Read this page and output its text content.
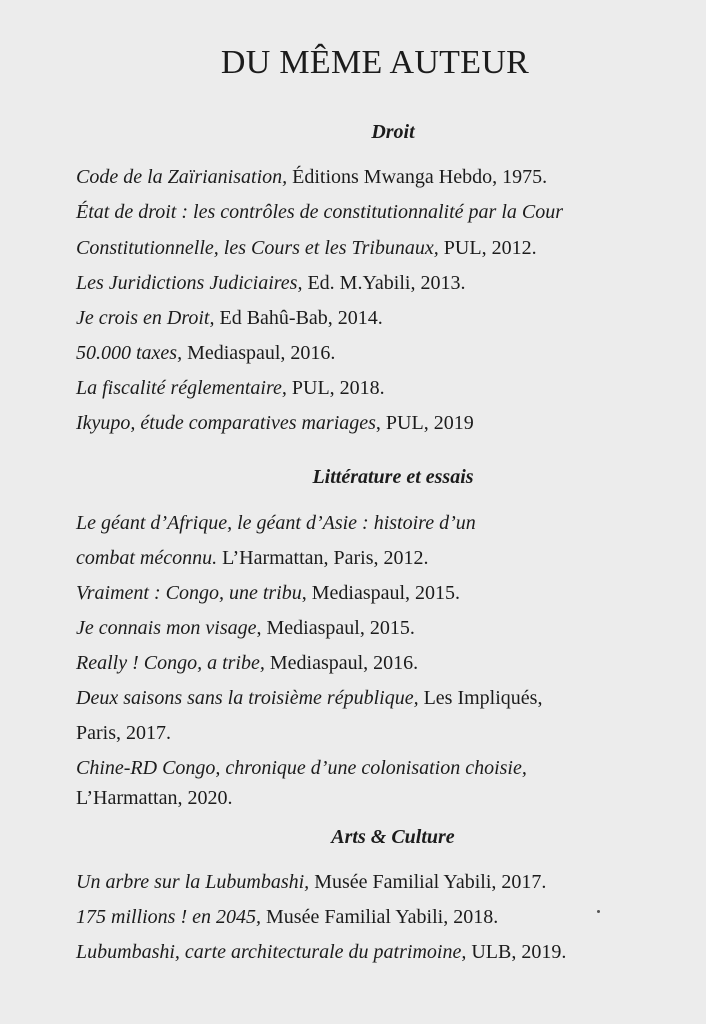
DU MÊME AUTEUR
Droit

Code de la Zaïrianisation, Éditions Mwanga Hebdo, 1975.

État de droit : les contrôles de constitutionnalité par la Cour

Constitutionnelle, les Cours et les Tribunaux, PUL, 2012.

Les Juridictions Judiciaires, Ed. M.Yabili, 2013.

Je crois en Droit, Ed Bahû-Bab, 2014.

50.000 taxes, Mediaspaul, 2016.

La fiscalité réglementaire, PUL, 2018.

Ikyupo, étude comparatives mariages, PUL, 2019

Littérature et essais

Le géant d’Afrique, le géant d’Asie : histoire d’un

combat méconnu. L’Harmattan, Paris, 2012.

Vraiment : Congo, une tribu, Mediaspaul, 2015.

Je connais mon visage, Mediaspaul, 2015.

Really ! Congo, a tribe, Mediaspaul, 2016.

Deux saisons sans la troisième république, Les Impliqués,

Paris, 2017.

Chine-RD Congo, chronique d’une colonisation choisie,

L’Harmattan, 2020.

Arts & Culture

Un arbre sur la Lubumbashi, Musée Familial Yabili, 2017.

175 millions ! en 2045, Musée Familial Yabili, 2018.

Lubumbashi, carte architecturale du patrimoine, ULB, 2019.
